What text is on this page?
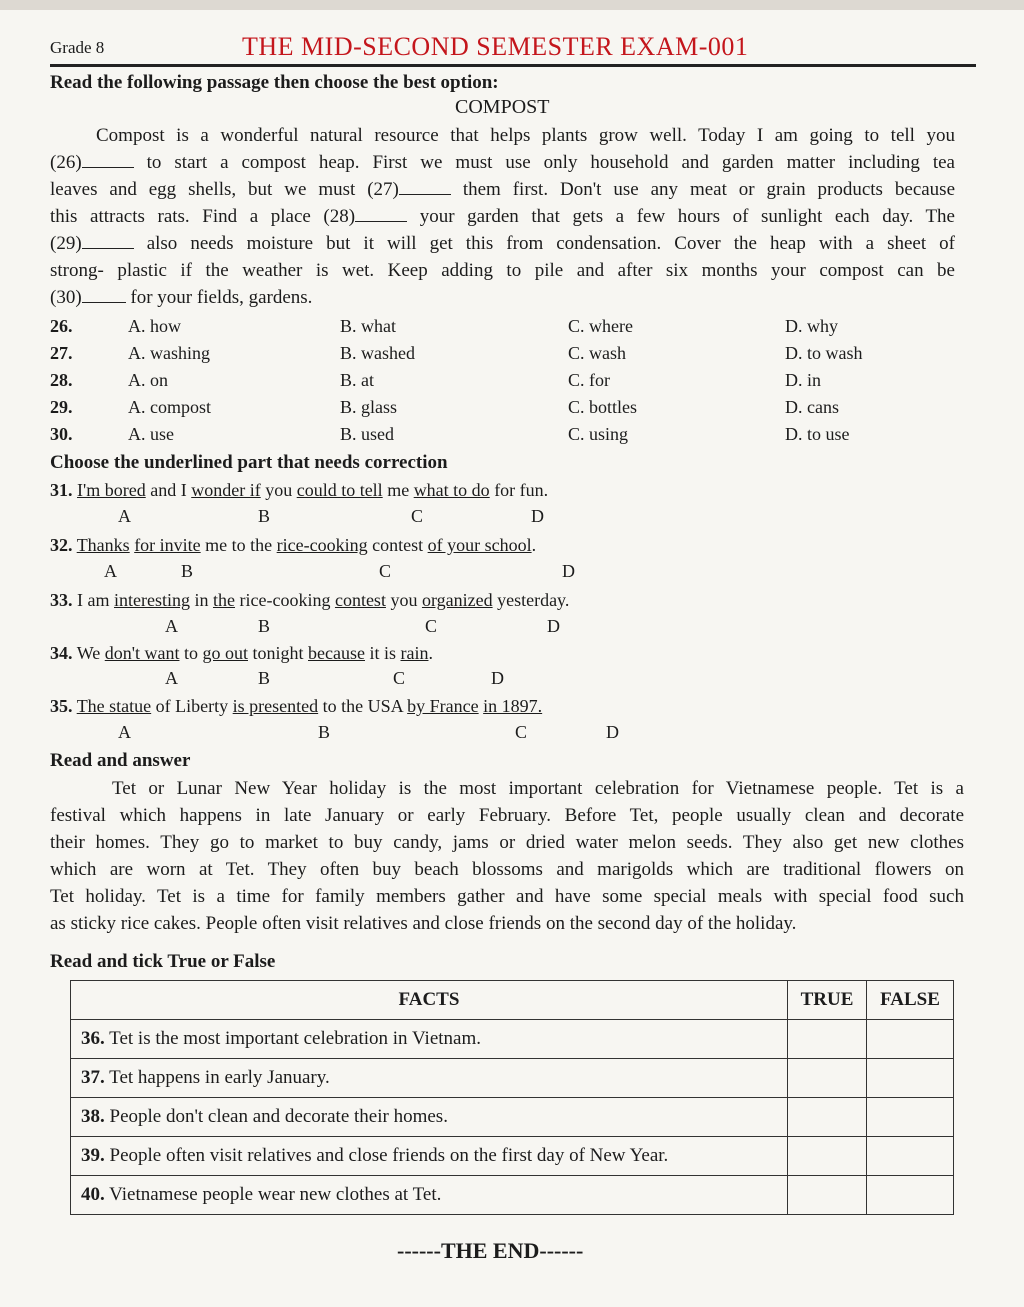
Grade 8	THE MID-SECOND SEMESTER EXAM-001
Read the following passage then choose the best option:
COMPOST
Compost is a wonderful natural resource that helps plants grow well. Today I am going to tell you
(26)	to start a compost heap. First we must use only household and garden matter including tea
leaves and egg shells, but we must (27)	them first. Don't use any meat or grain products because
this attracts rats. Find a place (28)	your garden that gets a few hours of sunlight each day. The
(29)	also needs moisture but it will get this from condensation. Cover the heap with a sheet of
strong- plastic if the weather is wet. Keep adding to pile and after six months your compost can be
(30)	for your fields, gardens.
26.	A. how	B. what	C. where	D. why
27.	A. washing	B. washed	C. wash	D. to wash
28.	A. on	B. at	C. for	D. in
29.	A. compost	B. glass	C. bottles	D. cans
30.	A. use	B. used	C. using	D. to use
Choose the underlined part that needs correction
31. I'm bored and I wonder if you could to tell me what to do for fun.
A	B	C	D
32. Thanks for invite me to the rice-cooking contest of your school.
A	B	C	D
33. I am interesting in the rice-cooking contest you organized yesterday.
A	B	C	D
34. We don't want to go out tonight because it is rain.
A	B	C	D
35. The statue of Liberty is presented to the USA by France in 1897.
A	B	C	D
Read and answer
Tet or Lunar New Year holiday is the most important celebration for Vietnamese people. Tet is a
festival which happens in late January or early February. Before Tet, people usually clean and decorate
their homes. They go to market to buy candy, jams or dried water melon seeds. They also get new clothes
which are worn at Tet. They often buy beach blossoms and marigolds which are traditional flowers on
Tet holiday. Tet is a time for family members gather and have some special meals with special food such
as sticky rice cakes. People often visit relatives and close friends on the second day of the holiday.
Read and tick True or False
FACTS	TRUE	FALSE
36. Tet is the most important celebration in Vietnam.		
37. Tet happens in early January.		
38. People don't clean and decorate their homes.		
39. People often visit relatives and close friends on the first day of New Year.		
40. Vietnamese people wear new clothes at Tet.		
------THE END------
